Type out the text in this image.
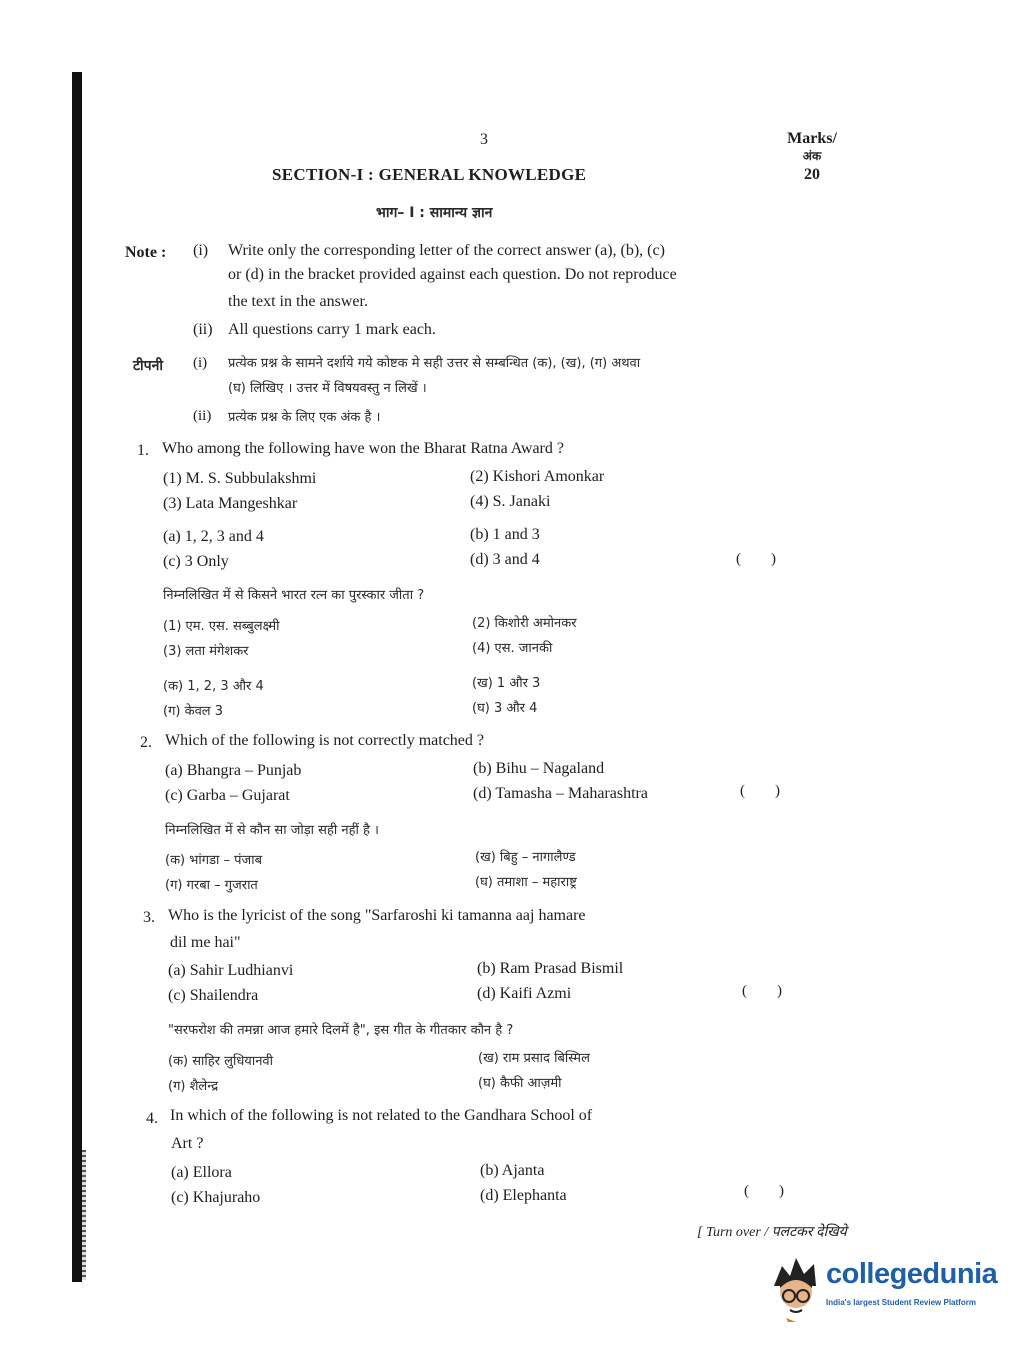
3	Marks/
अंक
20
SECTION-I : GENERAL KNOWLEDGE
भाग– I : सामान्य ज्ञान
Note : (i) Write only the corresponding letter of the correct answer (a), (b), (c)
or (d) in the bracket provided against each question. Do not reproduce
the text in the answer.
(ii) All questions carry 1 mark each.
टीपनी (i) प्रत्येक प्रश्न के सामने दर्शाये गये कोष्टक मे सही उत्तर से सम्बन्धित (क), (ख), (ग) अथवा
(घ) लिखिए । उत्तर में विषयवस्तु न लिखें ।
(ii) प्रत्येक प्रश्न के लिए एक अंक है ।
1. Who among the following have won the Bharat Ratna Award ?
(1) M. S. Subbulakshmi	(2) Kishori Amonkar
(3) Lata Mangeshkar	(4) S. Janaki
(a) 1, 2, 3 and 4	(b) 1 and 3
(c) 3 Only	(d) 3 and 4	(        )
निम्नलिखित में से किसने भारत रत्न का पुरस्कार जीता ?
(1) एम. एस. सब्बुलक्ष्मी	(2) किशोरी अमोनकर
(3) लता मंगेशकर	(4) एस. जानकी
(क) 1, 2, 3 और 4	(ख) 1 और 3
(ग) केवल 3	(घ) 3 और 4
2. Which of the following is not correctly matched ?
(a) Bhangra – Punjab	(b) Bihu – Nagaland
(c) Garba – Gujarat	(d) Tamasha – Maharashtra	(        )
निम्नलिखित में से कौन सा जोड़ा सही नहीं है ।
(क) भांगडा – पंजाब	(ख) बिहु – नागालैण्ड
(ग) गरबा – गुजरात	(घ) तमाशा – महाराष्ट्र
3. Who is the lyricist of the song "Sarfaroshi ki tamanna aaj hamare
dil me hai"
(a) Sahir Ludhianvi	(b) Ram Prasad Bismil
(c) Shailendra	(d) Kaifi Azmi	(        )
"सरफरोश की तमन्ना आज हमारे दिलमें है", इस गीत के गीतकार कौन है ?
(क) साहिर लुधियानवी	(ख) राम प्रसाद बिस्मिल
(ग) शैलेन्द्र	(घ) कैफी आज़मी
4. In which of the following is not related to the Gandhara School of
Art ?
(a) Ellora	(b) Ajanta
(c) Khajuraho	(d) Elephanta	(        )
[ Turn over / पलटकर देखिये
collegedunia
India's largest Student Review Platform
